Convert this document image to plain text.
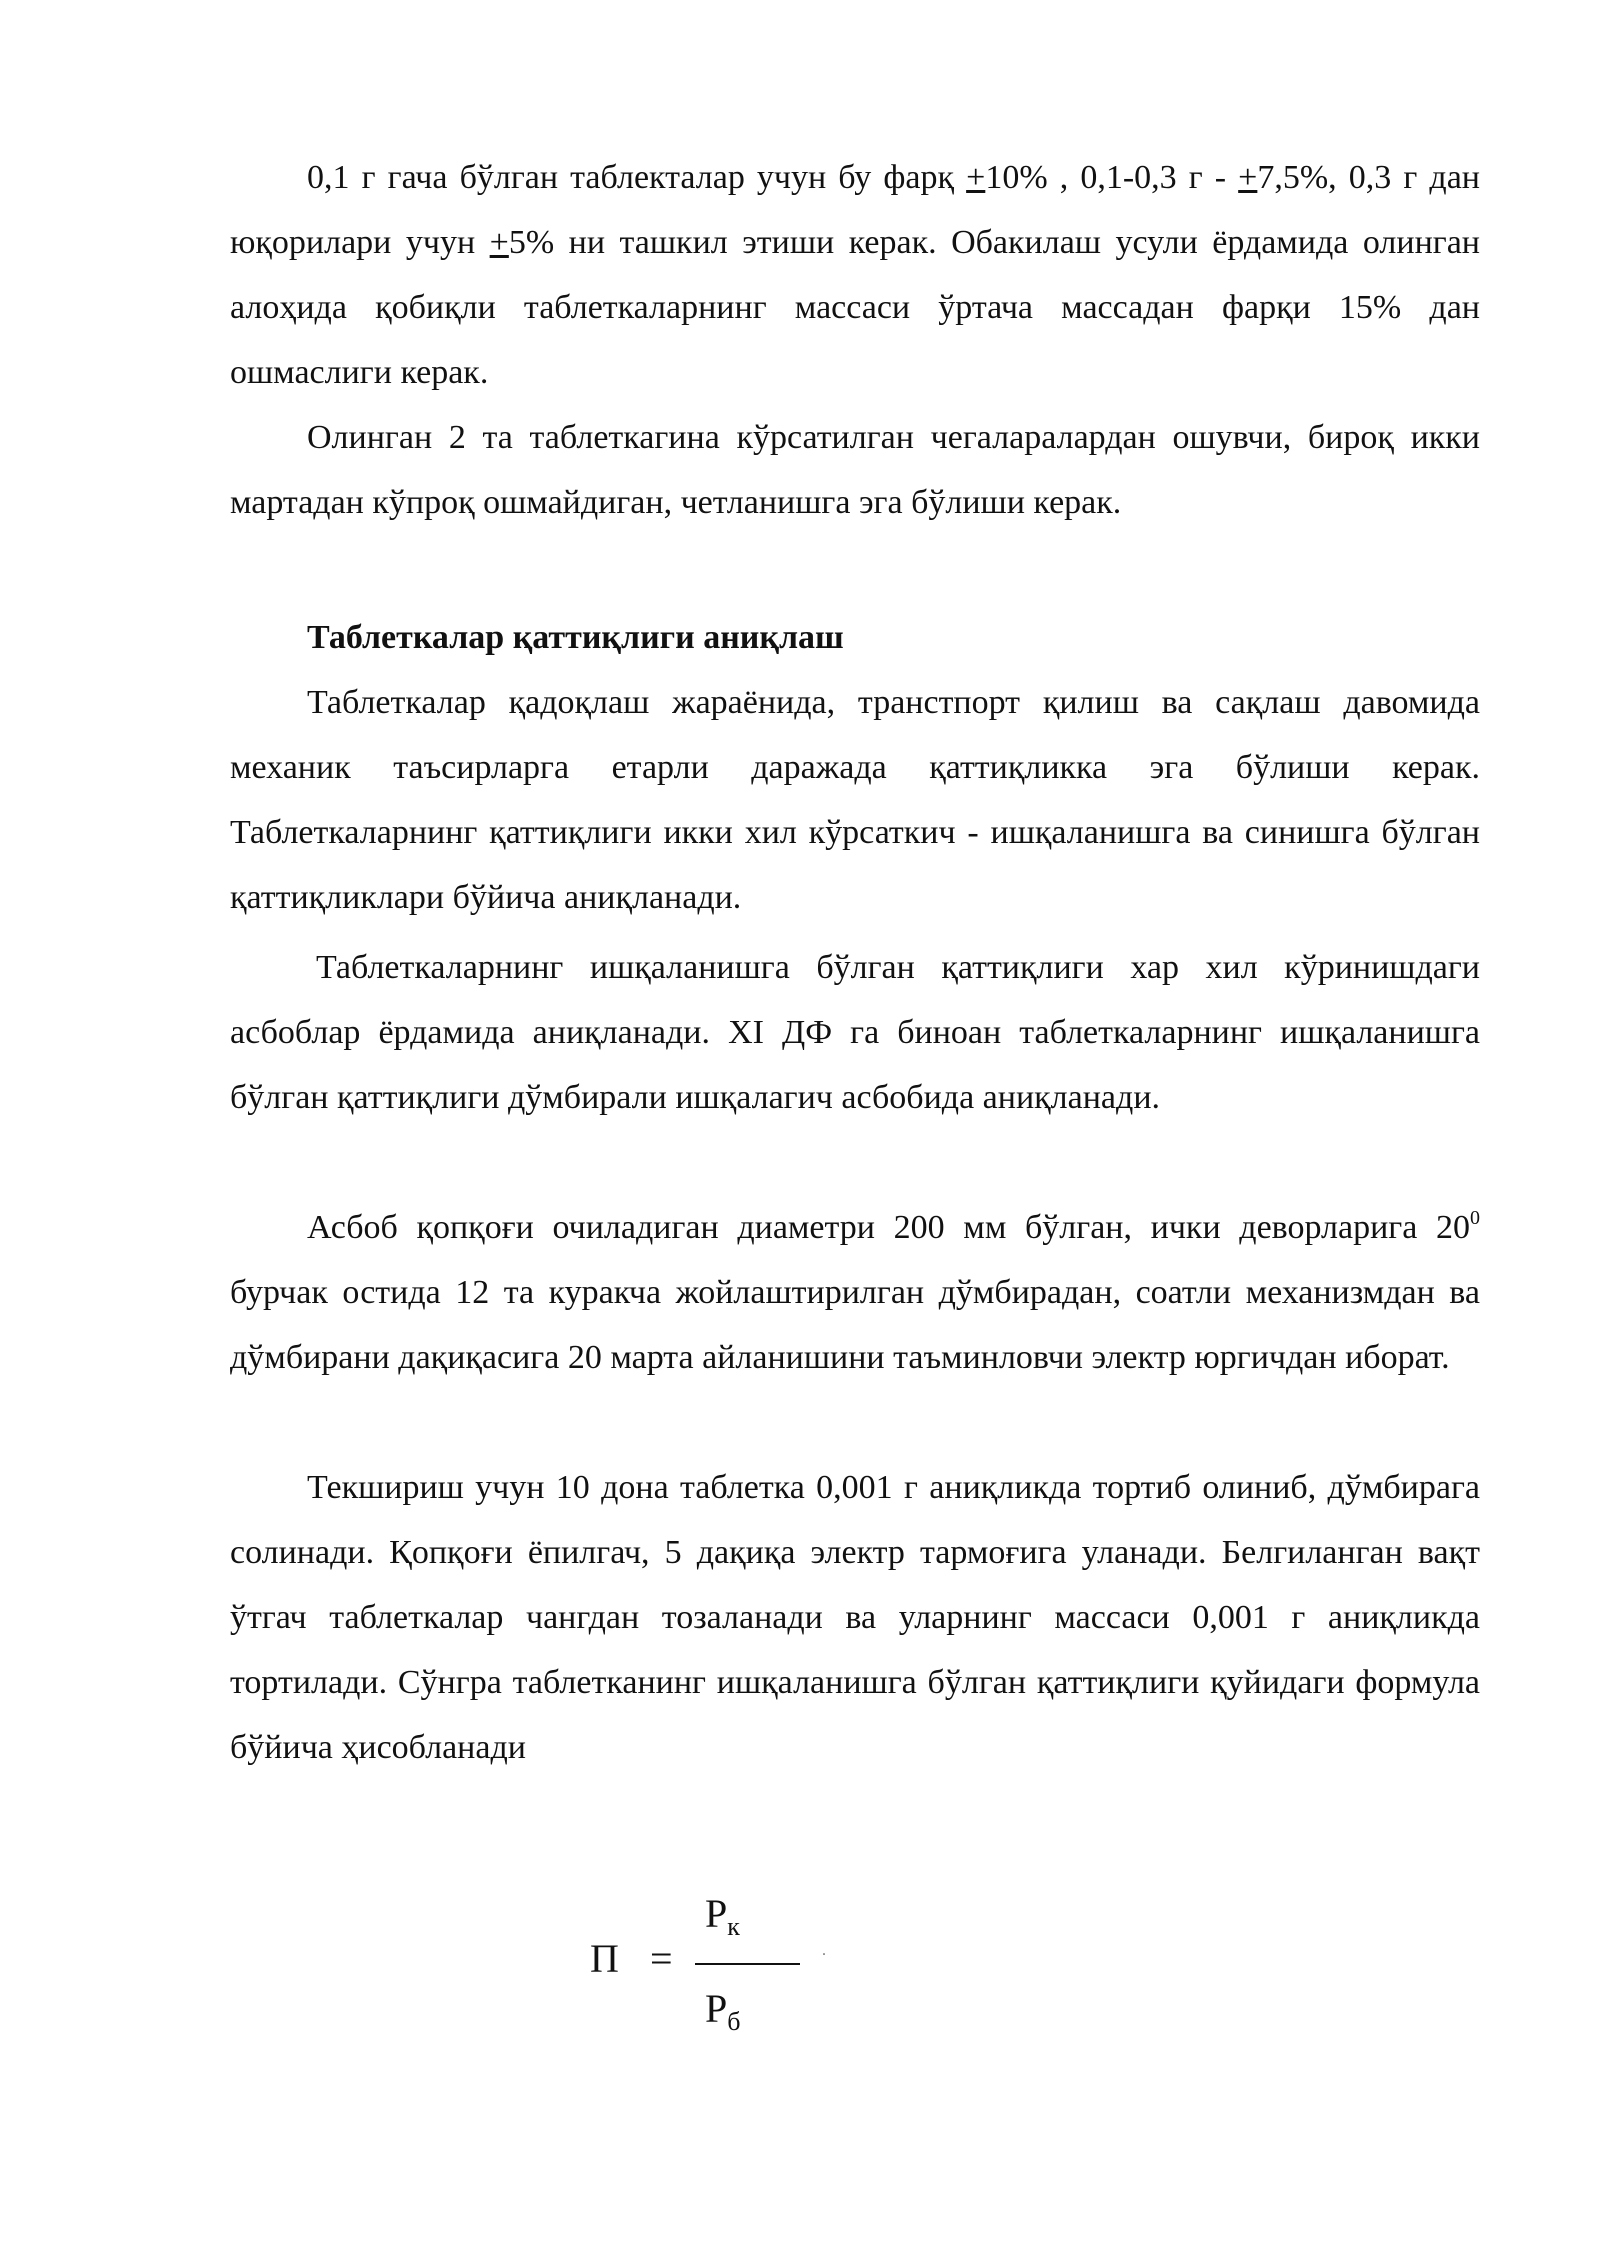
0,1 г гача бўлган таблекталар учун бу фарқ +10% , 0,1-0,3 г - +7,5%, 0,3 г дан юқорилари учун +5% ни ташкил этиши керак. Обакилаш усули ёрдамида олинган алоҳида қобиқли таблеткаларнинг массаси ўртача массадан фарқи 15% дан ошмаслиги керак.

Олинган 2 та таблеткагина кўрсатилган чегаларалардан ошувчи, бироқ икки мартадан кўпроқ ошмайдиган, четланишга эга бўлиши керак.

Таблеткалар қаттиқлиги аниқлаш

Таблеткалар қадоқлаш жараёнида, транстпорт қилиш ва сақлаш давомида механик таъсирларга етарли даражада қаттиқликка эга бўлиши керак. Таблеткаларнинг қаттиқлиги икки хил кўрсаткич - ишқаланишга ва синишга бўлган қаттиқликлари бўйича аниқланади.

Таблеткаларнинг ишқаланишга бўлган қаттиқлиги хар хил кўринишдаги асбоблар ёрдамида аниқланади. XI ДФ га биноан таблеткаларнинг ишқаланишга бўлган қаттиқлиги дўмбирали ишқалагич асбобида аниқланади.

Асбоб қопқоғи очиладиган диаметри 200 мм бўлган, ички деворларига $20^0$ бурчак остида 12 та куракча жойлаштирилган дўмбирадан, соатли механизмдан ва дўмбирани дақиқасига 20 марта айланишини таъминловчи электр юргичдан иборат.

Текшириш учун 10 дона таблетка 0,001 г аниқликда тортиб олиниб, дўмбирага солинади. Қопқоғи ёпилгач, 5 дақиқа электр тармоғига уланади. Белгиланган вақт ўтгач таблеткалар чангдан тозаланади ва уларнинг массаси 0,001 г аниқликда тортилади. Сўнгра таблетканинг ишқаланишга бўлган қаттиқлиги қуйидаги формула бўйича ҳисобланади

П =
$Р_к$
$Р_б$
.
